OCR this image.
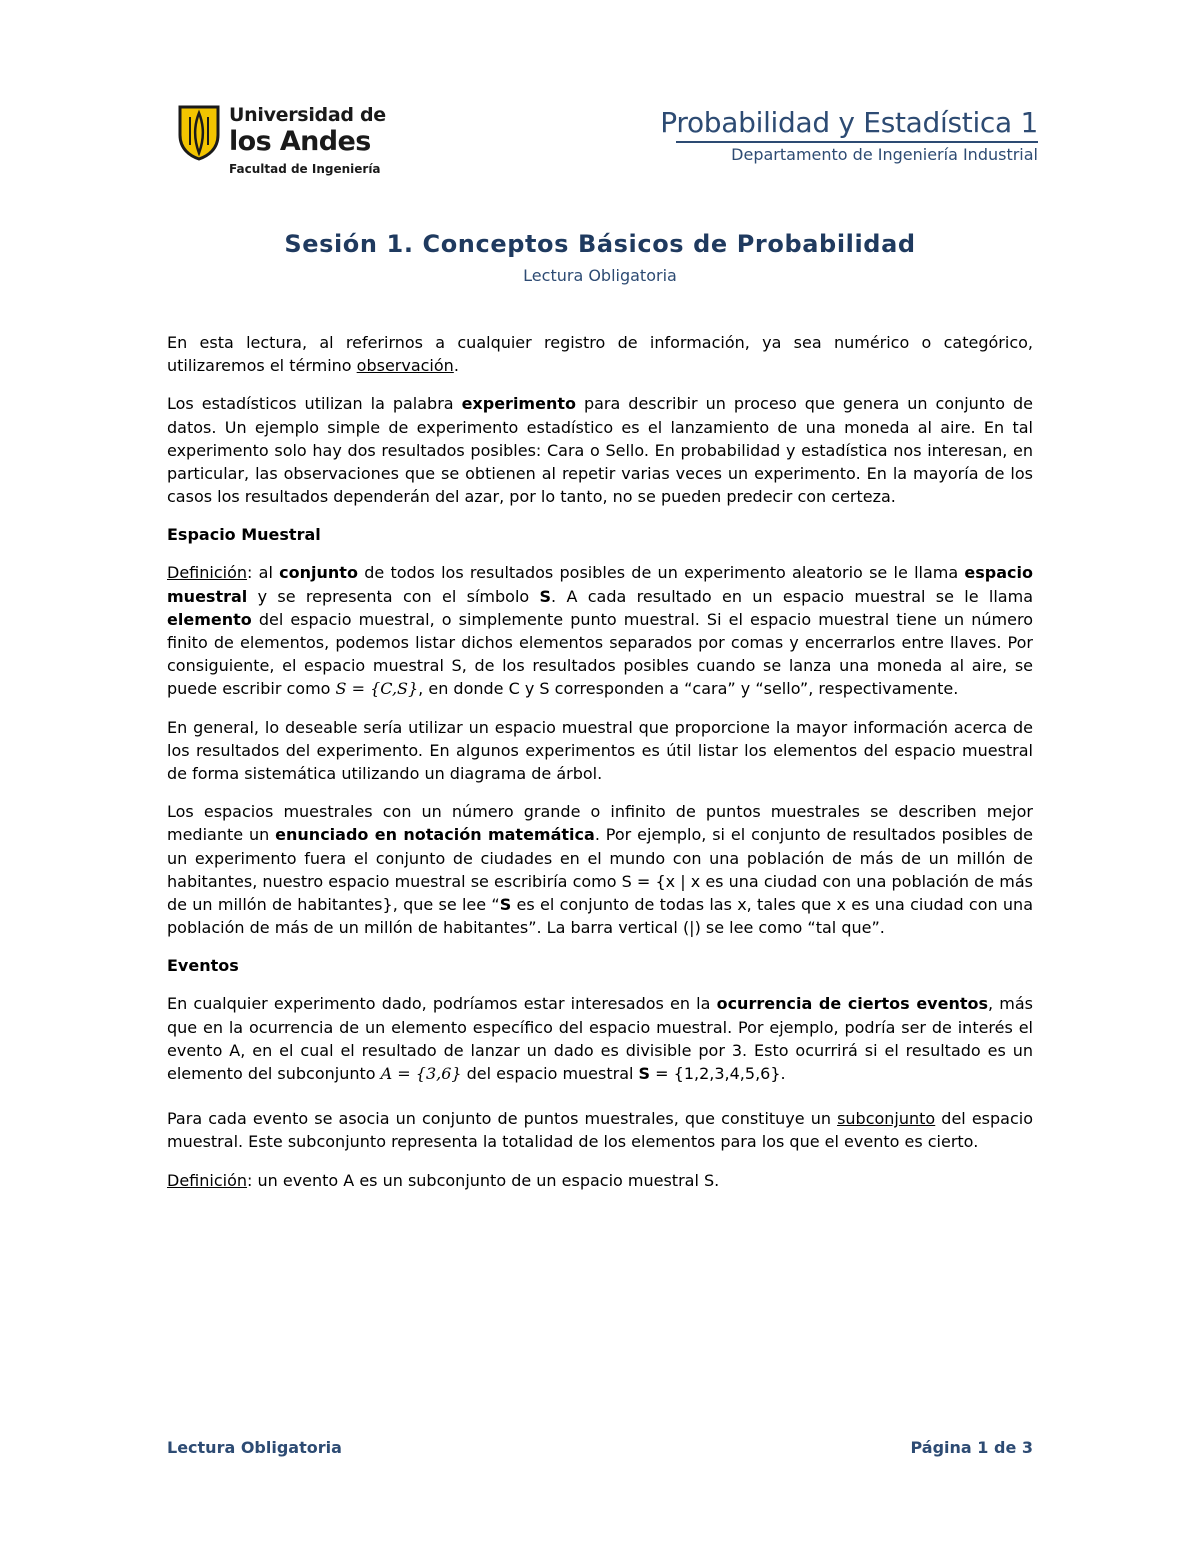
Universidad de
los Andes
Facultad de Ingeniería
Probabilidad y Estadística 1
Departamento de Ingeniería Industrial
Sesión 1. Conceptos Básicos de Probabilidad
Lectura Obligatoria

En esta lectura, al referirnos a cualquier registro de información, ya sea numérico o categórico, utilizaremos el término observación.

Los estadísticos utilizan la palabra experimento para describir un proceso que genera un conjunto de datos. Un ejemplo simple de experimento estadístico es el lanzamiento de una moneda al aire. En tal experimento solo hay dos resultados posibles: Cara o Sello. En probabilidad y estadística nos interesan, en particular, las observaciones que se obtienen al repetir varias veces un experimento. En la mayoría de los casos los resultados dependerán del azar, por lo tanto, no se pueden predecir con certeza.

Espacio Muestral

Definición: al conjunto de todos los resultados posibles de un experimento aleatorio se le llama espacio muestral y se representa con el símbolo S. A cada resultado en un espacio muestral se le llama elemento del espacio muestral, o simplemente punto muestral. Si el espacio muestral tiene un número finito de elementos, podemos listar dichos elementos separados por comas y encerrarlos entre llaves. Por consiguiente, el espacio muestral S, de los resultados posibles cuando se lanza una moneda al aire, se puede escribir como S = {C,S}, en donde C y S corresponden a “cara” y “sello”, respectivamente.

En general, lo deseable sería utilizar un espacio muestral que proporcione la mayor información acerca de los resultados del experimento. En algunos experimentos es útil listar los elementos del espacio muestral de forma sistemática utilizando un diagrama de árbol.

Los espacios muestrales con un número grande o infinito de puntos muestrales se describen mejor mediante un enunciado en notación matemática. Por ejemplo, si el conjunto de resultados posibles de un experimento fuera el conjunto de ciudades en el mundo con una población de más de un millón de habitantes, nuestro espacio muestral se escribiría como S = {x | x es una ciudad con una población de más de un millón de habitantes}, que se lee “S es el conjunto de todas las x, tales que x es una ciudad con una población de más de un millón de habitantes”. La barra vertical (|) se lee como “tal que”.

Eventos

En cualquier experimento dado, podríamos estar interesados en la ocurrencia de ciertos eventos, más que en la ocurrencia de un elemento específico del espacio muestral. Por ejemplo, podría ser de interés el evento A, en el cual el resultado de lanzar un dado es divisible por 3. Esto ocurrirá si el resultado es un elemento del subconjunto A = {3,6} del espacio muestral S = {1,2,3,4,5,6}.

Para cada evento se asocia un conjunto de puntos muestrales, que constituye un subconjunto del espacio muestral. Este subconjunto representa la totalidad de los elementos para los que el evento es cierto.

Definición: un evento A es un subconjunto de un espacio muestral S.

Lectura Obligatoria	Página 1 de 3
